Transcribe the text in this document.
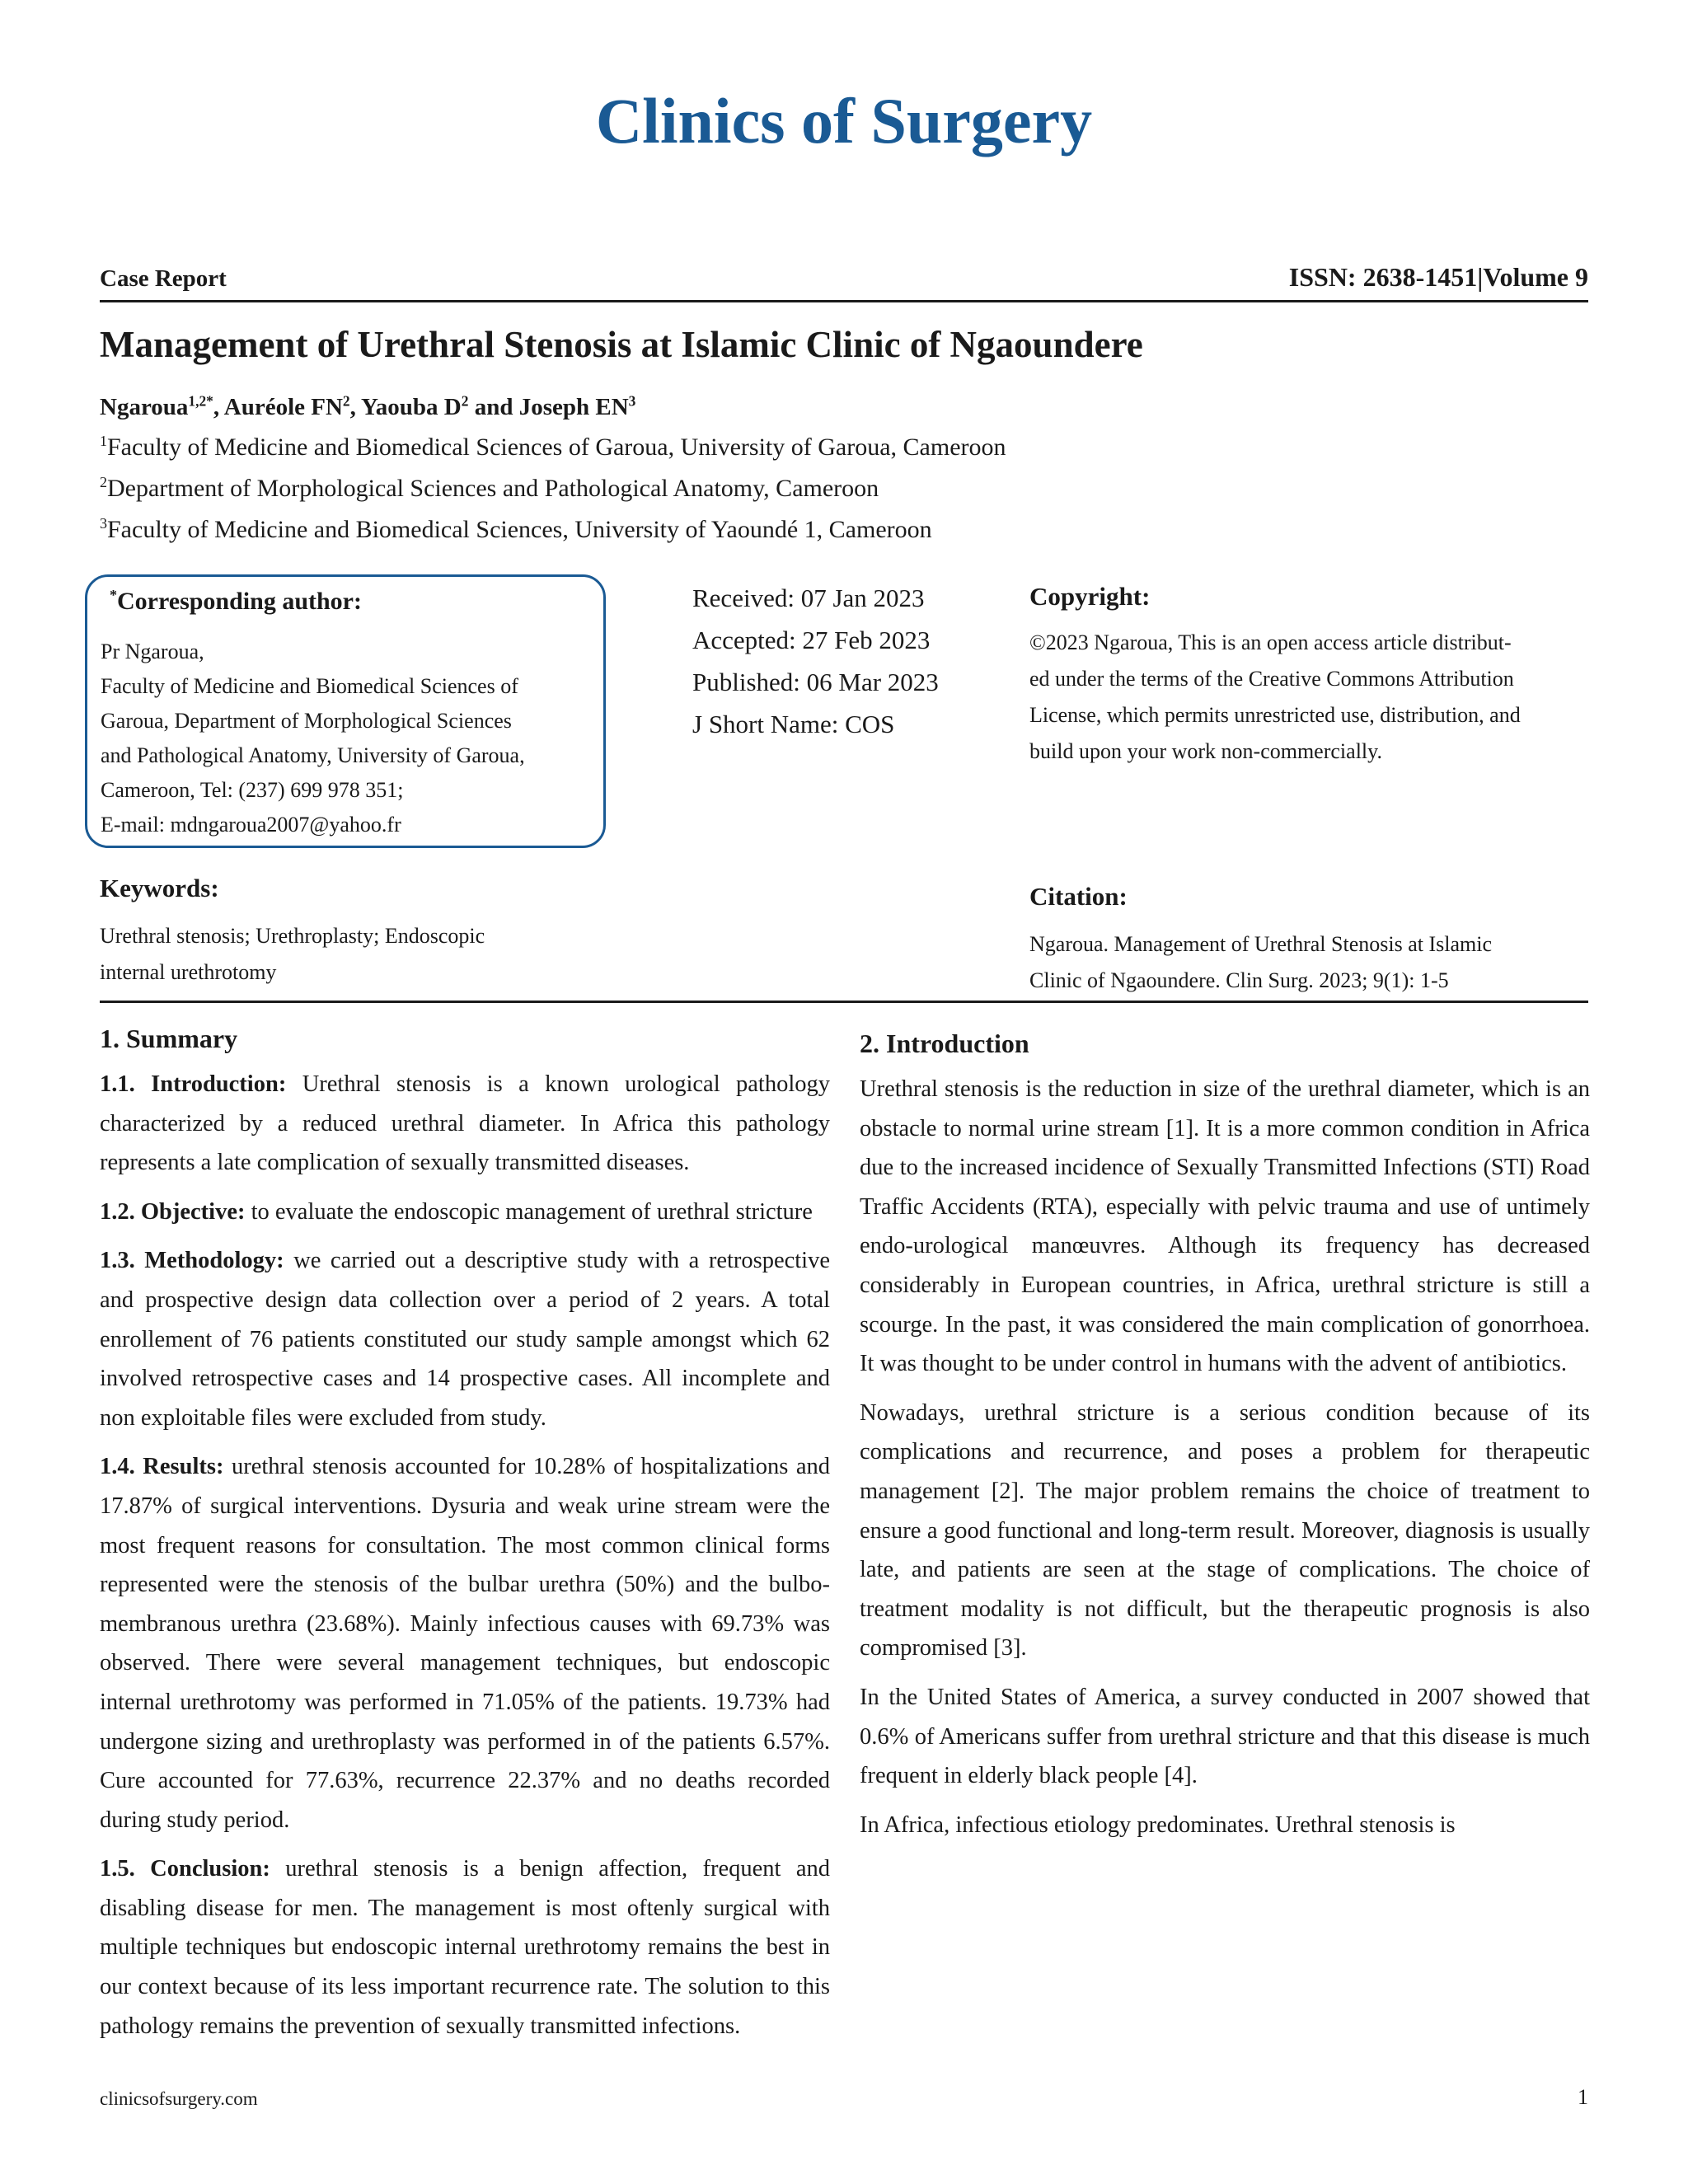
Clinics of Surgery
Case Report	ISSN: 2638-1451|Volume 9
Management of Urethral Stenosis at Islamic Clinic of Ngaoundere
Ngaroua$^{1,2*}$, Auréole $FN^2$, Yaouba $D^2$ and Joseph $EN^3$
$^1$Faculty of Medicine and Biomedical Sciences of Garoua, University of Garoua, Cameroon
$^2$Department of Morphological Sciences and Pathological Anatomy, Cameroon
$^3$Faculty of Medicine and Biomedical Sciences, University of Yaoundé 1, Cameroon
*Corresponding author:
Pr Ngaroua,
Faculty of Medicine and Biomedical Sciences of
Garoua, Department of Morphological Sciences
and Pathological Anatomy, University of Garoua,
Cameroon, Tel: (237) 699 978 351;
E-mail: mdngaroua2007@yahoo.fr
Received: 07 Jan 2023
Accepted: 27 Feb 2023
Published: 06 Mar 2023
J Short Name: COS
Copyright:
©2023 Ngaroua, This is an open access article distribut-
ed under the terms of the Creative Commons Attribution
License, which permits unrestricted use, distribution, and
build upon your work non-commercially.
Keywords:
Urethral stenosis; Urethroplasty; Endoscopic
internal urethrotomy
Citation:
Ngaroua. Management of Urethral Stenosis at Islamic
Clinic of Ngaoundere. Clin Surg. 2023; 9(1): 1-5
1. Summary

1.1. Introduction: Urethral stenosis is a known urological pathology characterized by a reduced urethral diameter. In Africa this pathology represents a late complication of sexually transmitted diseases.

1.2. Objective: to evaluate the endoscopic management of urethral stricture

1.3. Methodology: we carried out a descriptive study with a retrospective and prospective design data collection over a period of 2 years. A total enrollement of 76 patients constituted our study sample amongst which 62 involved retrospective cases and 14 prospective cases. All incomplete and non exploitable files were excluded from study.

1.4. Results: urethral stenosis accounted for 10.28% of hospitalizations and 17.87% of surgical interventions. Dysuria and weak urine stream were the most frequent reasons for consultation. The most common clinical forms represented were the stenosis of the bulbar urethra (50%) and the bulbo-membranous urethra (23.68%). Mainly infectious causes with 69.73% was observed. There were several management techniques, but endoscopic internal urethrotomy was performed in 71.05% of the patients. 19.73% had undergone sizing and urethroplasty was performed in of the patients 6.57%. Cure accounted for 77.63%, recurrence 22.37% and no deaths recorded during study period.

1.5. Conclusion: urethral stenosis is a benign affection, frequent and disabling disease for men. The management is most oftenly surgical with multiple techniques but endoscopic internal urethrotomy remains the best in our context because of its less important recurrence rate. The solution to this pathology remains the prevention of sexually transmitted infections.

2. Introduction

Urethral stenosis is the reduction in size of the urethral diameter, which is an obstacle to normal urine stream [1]. It is a more common condition in Africa due to the increased incidence of Sexually Transmitted Infections (STI) Road Traffic Accidents (RTA), especially with pelvic trauma and use of untimely endo-urological manœuvres. Although its frequency has decreased considerably in European countries, in Africa, urethral stricture is still a scourge. In the past, it was considered the main complication of gonorrhoea. It was thought to be under control in humans with the advent of antibiotics.

Nowadays, urethral stricture is a serious condition because of its complications and recurrence, and poses a problem for therapeutic management [2]. The major problem remains the choice of treatment to ensure a good functional and long-term result. Moreover, diagnosis is usually late, and patients are seen at the stage of complications. The choice of treatment modality is not difficult, but the therapeutic prognosis is also compromised [3].

In the United States of America, a survey conducted in 2007 showed that 0.6% of Americans suffer from urethral stricture and that this disease is much frequent in elderly black people [4].

In Africa, infectious etiology predominates. Urethral stenosis is

clinicsofsurgery.com	1
